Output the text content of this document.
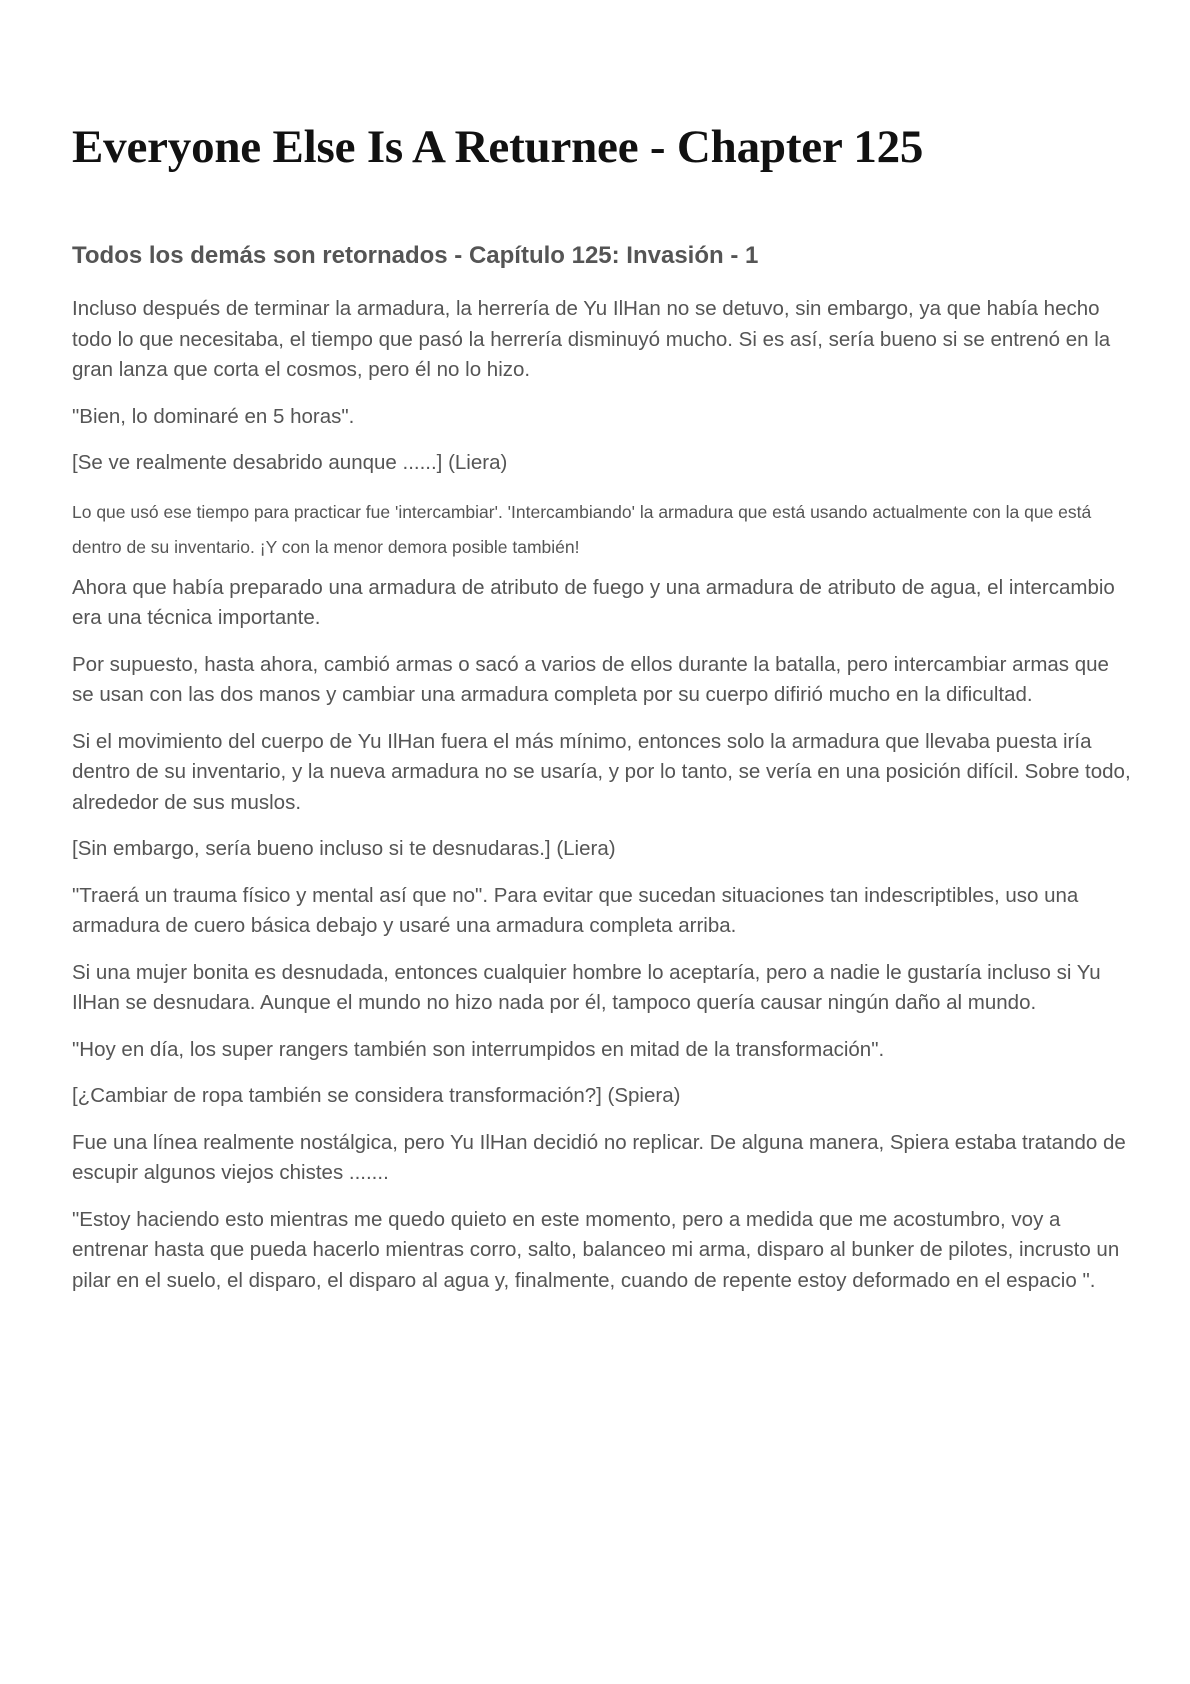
Everyone Else Is A Returnee - Chapter 125
Todos los demás son retornados - Capítulo 125: Invasión - 1

Incluso después de terminar la armadura, la herrería de Yu IlHan no se detuvo, sin embargo, ya que había hecho todo lo que necesitaba, el tiempo que pasó la herrería disminuyó mucho. Si es así, sería bueno si se entrenó en la gran lanza que corta el cosmos, pero él no lo hizo.

"Bien, lo dominaré en 5 horas".

[Se ve realmente desabrido aunque ......] (Liera)

Lo que usó ese tiempo para practicar fue 'intercambiar'. 'Intercambiando' la armadura que está usando actualmente con la que está dentro de su inventario. ¡Y con la menor demora posible también!

Ahora que había preparado una armadura de atributo de fuego y una armadura de atributo de agua, el intercambio era una técnica importante.

Por supuesto, hasta ahora, cambió armas o sacó a varios de ellos durante la batalla, pero intercambiar armas que se usan con las dos manos y cambiar una armadura completa por su cuerpo difirió mucho en la dificultad.

Si el movimiento del cuerpo de Yu IlHan fuera el más mínimo, entonces solo la armadura que llevaba puesta iría dentro de su inventario, y la nueva armadura no se usaría, y por lo tanto, se vería en una posición difícil. Sobre todo, alrededor de sus muslos.

[Sin embargo, sería bueno incluso si te desnudaras.] (Liera)

"Traerá un trauma físico y mental así que no". Para evitar que sucedan situaciones tan indescriptibles, uso una armadura de cuero básica debajo y usaré una armadura completa arriba.

Si una mujer bonita es desnudada, entonces cualquier hombre lo aceptaría, pero a nadie le gustaría incluso si Yu IlHan se desnudara. Aunque el mundo no hizo nada por él, tampoco quería causar ningún daño al mundo.

"Hoy en día, los super rangers también son interrumpidos en mitad de la transformación".

[¿Cambiar de ropa también se considera transformación?] (Spiera)

Fue una línea realmente nostálgica, pero Yu IlHan decidió no replicar. De alguna manera, Spiera estaba tratando de escupir algunos viejos chistes .......

"Estoy haciendo esto mientras me quedo quieto en este momento, pero a medida que me acostumbro, voy a entrenar hasta que pueda hacerlo mientras corro, salto, balanceo mi arma, disparo al bunker de pilotes, incrusto un pilar en el suelo, el disparo, el disparo al agua y, finalmente, cuando de repente estoy deformado en el espacio ".
